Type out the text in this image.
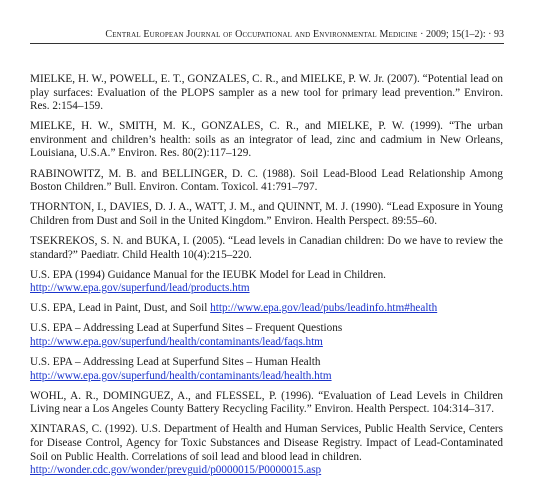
Central European Journal of Occupational and Environmental Medicine · 2009; 15(1–2): · 93

MIELKE, H. W., POWELL, E. T., GONZALES, C. R., and MIELKE, P. W. Jr. (2007). “Potential lead on play surfaces: Evaluation of the PLOPS sampler as a new tool for primary lead prevention.” Environ. Res. 2:154–159.

MIELKE, H. W., SMITH, M. K., GONZALES, C. R., and MIELKE, P. W. (1999). “The urban environment and children’s health: soils as an integrator of lead, zinc and cadmium in New Orleans, Louisiana, U.S.A.” Environ. Res. 80(2):117–129.

RABINOWITZ, M. B. and BELLINGER, D. C. (1988). Soil Lead-Blood Lead Relationship Among Boston Children.” Bull. Environ. Contam. Toxicol. 41:791–797.

THORNTON, I., DAVIES, D. J. A., WATT, J. M., and QUINNT, M. J. (1990). “Lead Exposure in Young Children from Dust and Soil in the United Kingdom.” Environ. Health Perspect. 89:55–60.

TSEKREKOS, S. N. and BUKA, I. (2005). “Lead levels in Canadian children: Do we have to review the standard?” Paediatr. Child Health 10(4):215–220.

U.S. EPA (1994) Guidance Manual for the IEUBK Model for Lead in Children.
http://www.epa.gov/superfund/lead/products.htm

U.S. EPA, Lead in Paint, Dust, and Soil http://www.epa.gov/lead/pubs/leadinfo.htm#health

U.S. EPA – Addressing Lead at Superfund Sites – Frequent Questions
http://www.epa.gov/superfund/health/contaminants/lead/faqs.htm

U.S. EPA – Addressing Lead at Superfund Sites – Human Health
http://www.epa.gov/superfund/health/contaminants/lead/health.htm

WOHL, A. R., DOMINGUEZ, A., and FLESSEL, P. (1996). “Evaluation of Lead Levels in Children Living near a Los Angeles County Battery Recycling Facility.” Environ. Health Perspect. 104:314–317.

XINTARAS, C. (1992). U.S. Department of Health and Human Services, Public Health Service, Centers for Disease Control, Agency for Toxic Substances and Disease Registry. Impact of Lead-Contaminated Soil on Public Health. Correlations of soil lead and blood lead in children.
http://wonder.cdc.gov/wonder/prevguid/p0000015/P0000015.asp
